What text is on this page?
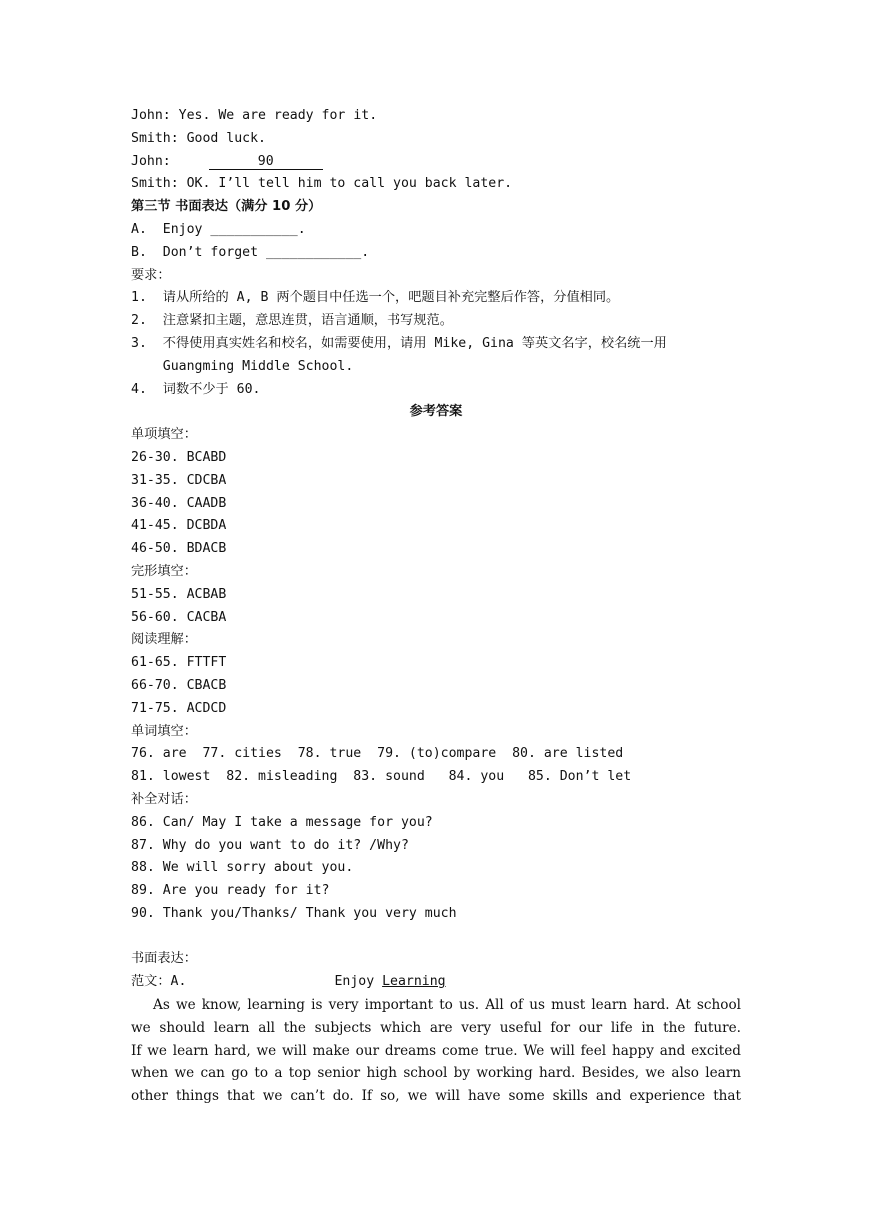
John: Yes. We are ready for it.
Smith: Good luck.
John:	90
Smith: OK. I’ll tell him to call you back later.
第三节 书面表达（满分 10 分）
A.  Enjoy ___________.
B.  Don’t forget ____________.
要求：
1.  请从所给的 A, B 两个题目中任选一个，吧题目补充完整后作答，分值相同。
2.  注意紧扣主题，意思连贯，语言通顺，书写规范。
3.  不得使用真实姓名和校名，如需要使用，请用 Mike, Gina 等英文名字，校名统一用
Guangming Middle School.
4.  词数不少于 60.
参考答案
单项填空：
26-30. BCABD
31-35. CDCBA
36-40. CAADB
41-45. DCBDA
46-50. BDACB
完形填空：
51-55. ACBAB
56-60. CACBA
阅读理解：
61-65. FTTFT
66-70. CBACB
71-75. ACDCD
单词填空：
76. are  77. cities  78. true  79. (to)compare  80. are listed
81. lowest  82. misleading  83. sound   84. you   85. Don’t let
补全对话：
86. Can/ May I take a message for you?
87. Why do you want to do it? /Why?
88. We will sorry about you.
89. Are you ready for it?
90. Thank you/Thanks/ Thank you very much
书面表达：
范文：A.	Enjoy Learning
As we know, learning is very important to us. All of us must learn hard. At school
we should learn all the subjects which are very useful for our life in the future.
If we learn hard, we will make our dreams come true. We will feel happy and excited
when we can go to a top senior high school by working hard. Besides, we also learn
other things that we can’t do. If so, we will have some skills and experience that
